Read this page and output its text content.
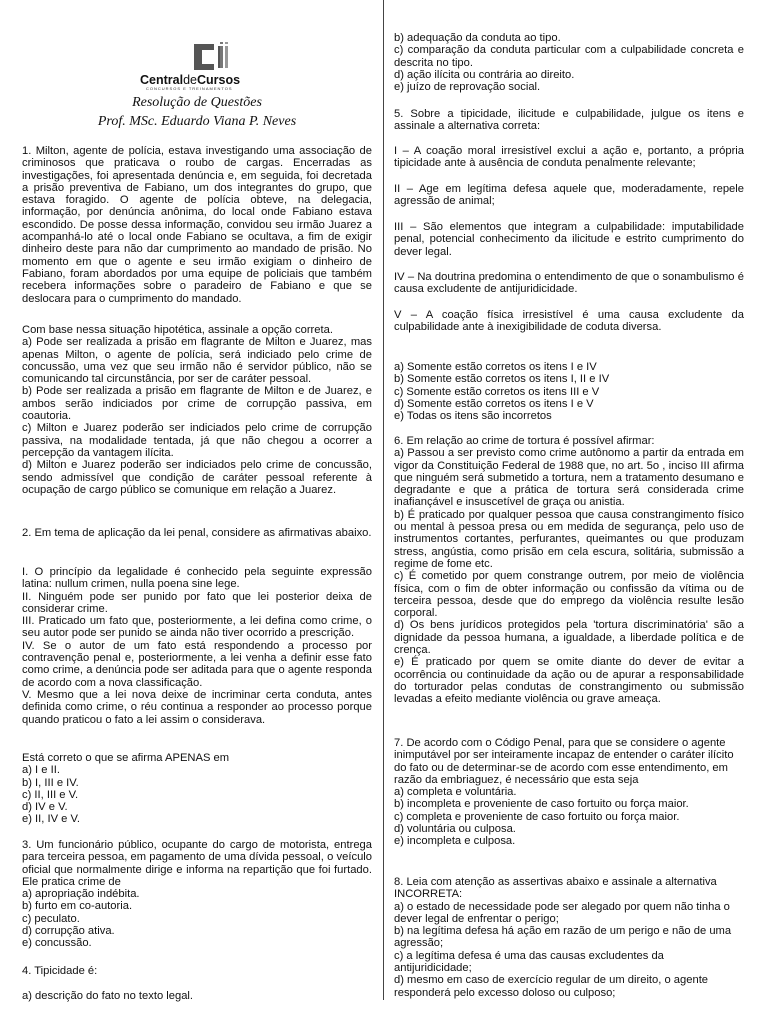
CentraldeCursos
CONCURSOS E TREINAMENTOS
Resolução de Questões
Prof. MSc. Eduardo Viana P. Neves

1. Milton, agente de polícia, estava investigando uma associação de criminosos que praticava o roubo de cargas. Encerradas as investigações, foi apresentada denúncia e, em seguida, foi decretada a prisão preventiva de Fabiano, um dos integrantes do grupo, que estava foragido. O agente de polícia obteve, na delegacia, informação, por denúncia anônima, do local onde Fabiano estava escondido. De posse dessa informação, convidou seu irmão Juarez a acompanhá-lo até o local onde Fabiano se ocultava, a fim de exigir dinheiro deste para não dar cumprimento ao mandado de prisão. No momento em que o agente e seu irmão exigiam o dinheiro de Fabiano, foram abordados por uma equipe de policiais que também recebera informações sobre o paradeiro de Fabiano e que se deslocara para o cumprimento do mandado.

Com base nessa situação hipotética, assinale a opção correta.

a) Pode ser realizada a prisão em flagrante de Milton e Juarez, mas apenas Milton, o agente de polícia, será indiciado pelo crime de concussão, uma vez que seu irmão não é servidor público, não se comunicando tal circunstância, por ser de caráter pessoal.

b) Pode ser realizada a prisão em flagrante de Milton e de Juarez, e ambos serão indiciados por crime de corrupção passiva, em coautoria.

c) Milton e Juarez poderão ser indiciados pelo crime de corrupção passiva, na modalidade tentada, já que não chegou a ocorrer a percepção da vantagem ilícita.

d) Milton e Juarez poderão ser indiciados pelo crime de concussão, sendo admissível que condição de caráter pessoal referente à ocupação de cargo público se comunique em relação a Juarez.

2. Em tema de aplicação da lei penal, considere as afirmativas abaixo.

I. O princípio da legalidade é conhecido pela seguinte expressão latina: nullum crimen, nulla poena sine lege.

II. Ninguém pode ser punido por fato que lei posterior deixa de considerar crime.

III. Praticado um fato que, posteriormente, a lei defina como crime, o seu autor pode ser punido se ainda não tiver ocorrido a prescrição.

IV. Se o autor de um fato está respondendo a processo por contravenção penal e, posteriormente, a lei venha a definir esse fato como crime, a denúncia pode ser aditada para que o agente responda de acordo com a nova classificação.

V. Mesmo que a lei nova deixe de incriminar certa conduta, antes definida como crime, o réu continua a responder ao processo porque quando praticou o fato a lei assim o considerava.

Está correto o que se afirma APENAS em

a) I e II.

b) I, III e IV.

c) II, III e V.

d) IV e V.

e) II, IV e V.

3. Um funcionário público, ocupante do cargo de motorista, entrega para terceira pessoa, em pagamento de uma dívida pessoal, o veículo oficial que normalmente dirige e informa na repartição que foi furtado. Ele pratica crime de

a) apropriação indébita.

b) furto em co-autoria.

c) peculato.

d) corrupção ativa.

e) concussão.

4. Tipicidade é:

a) descrição do fato no texto legal.

b) adequação da conduta ao tipo.

c) comparação da conduta particular com a culpabilidade concreta e descrita no tipo.

d) ação ilícita ou contrária ao direito.

e) juízo de reprovação social.

5. Sobre a tipicidade, ilicitude e culpabilidade, julgue os itens e assinale a alternativa correta:

I – A coação moral irresistível exclui a ação e, portanto, a própria tipicidade ante à ausência de conduta penalmente relevante;

II – Age em legítima defesa aquele que, moderadamente, repele agressão de animal;

III – São elementos que integram a culpabilidade: imputabilidade penal, potencial conhecimento da ilicitude e estrito cumprimento do dever legal.

IV – Na doutrina predomina o entendimento de que o sonambulismo é causa excludente de antijuridicidade.

V – A coação física irresistível é uma causa excludente da culpabilidade ante à inexigibilidade de coduta diversa.

a) Somente estão corretos os itens I e IV

b) Somente estão corretos os itens I, II e IV

c) Somente estão corretos os itens III e V

d) Somente estão corretos os itens I e V

e) Todas os itens são incorretos

6. Em relação ao crime de tortura é possível afirmar:

a) Passou a ser previsto como crime autônomo a partir da entrada em vigor da Constituição Federal de 1988 que, no art. 5o , inciso III afirma que ninguém será submetido a tortura, nem a tratamento desumano e degradante e que a prática de tortura será considerada crime inafiançável e insuscetível de graça ou anistia.

b) É praticado por qualquer pessoa que causa constrangimento físico ou mental à pessoa presa ou em medida de segurança, pelo uso de instrumentos cortantes, perfurantes, queimantes ou que produzam stress, angústia, como prisão em cela escura, solitária, submissão a regime de fome etc.

c) É cometido por quem constrange outrem, por meio de violência física, com o fim de obter informação ou confissão da vítima ou de terceira pessoa, desde que do emprego da violência resulte lesão corporal.

d) Os bens jurídicos protegidos pela 'tortura discriminatória' são a dignidade da pessoa humana, a igualdade, a liberdade política e de crença.

e) É praticado por quem se omite diante do dever de evitar a ocorrência ou continuidade da ação ou de apurar a responsabilidade do torturador pelas condutas de constrangimento ou submissão levadas a efeito mediante violência ou grave ameaça.

7. De acordo com o Código Penal, para que se considere o agente inimputável por ser inteiramente incapaz de entender o caráter ilícito do fato ou de determinar-se de acordo com esse entendimento, em razão da embriaguez, é necessário que esta seja

a) completa e voluntária.

b) incompleta e proveniente de caso fortuito ou força maior.

c) completa e proveniente de caso fortuito ou força maior.

d) voluntária ou culposa.

e) incompleta e culposa.

8. Leia com atenção as assertivas abaixo e assinale a alternativa INCORRETA:

a) o estado de necessidade pode ser alegado por quem não tinha o dever legal de enfrentar o perigo;

b) na legítima defesa há ação em razão de um perigo e não de uma agressão;

c) a legítima defesa é uma das causas excludentes da antijuridicidade;

d) mesmo em caso de exercício regular de um direito, o agente responderá pelo excesso doloso ou culposo;
